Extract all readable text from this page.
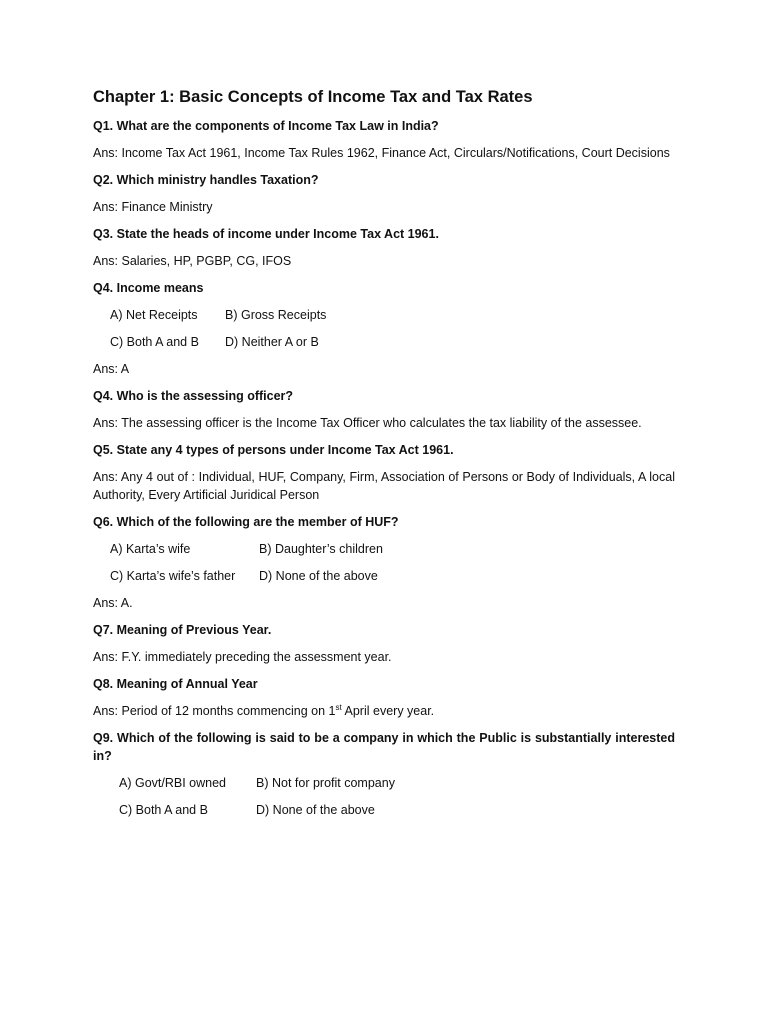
Chapter 1: Basic Concepts of Income Tax and Tax Rates
Q1. What are the components of Income Tax Law in India?
Ans: Income Tax Act 1961, Income Tax Rules 1962, Finance Act, Circulars/Notifications, Court Decisions
Q2. Which ministry handles Taxation?
Ans: Finance Ministry
Q3. State the heads of income under Income Tax Act 1961.
Ans: Salaries, HP, PGBP, CG, IFOS
Q4. Income means
A) Net Receipts	B) Gross Receipts
C) Both A and B	D) Neither A or B
Ans: A
Q4. Who is the assessing officer?
Ans: The assessing officer is the Income Tax Officer who calculates the tax liability of the assessee.
Q5. State any 4 types of persons under Income Tax Act 1961.
Ans: Any 4 out of : Individual, HUF, Company, Firm, Association of Persons or Body of Individuals, A local Authority, Every Artificial Juridical Person
Q6. Which of the following are the member of HUF?
A) Karta’s wife	B) Daughter’s children
C) Karta’s wife’s father	D) None of the above
Ans: A.
Q7. Meaning of Previous Year.
Ans: F.Y. immediately preceding the assessment year.
Q8. Meaning of Annual Year
Ans: Period of 12 months commencing on 1st April every year.
Q9. Which of the following is said to be a company in which the Public is substantially interested in?
A) Govt/RBI owned	B) Not for profit company
C) Both A and B	D) None of the above
